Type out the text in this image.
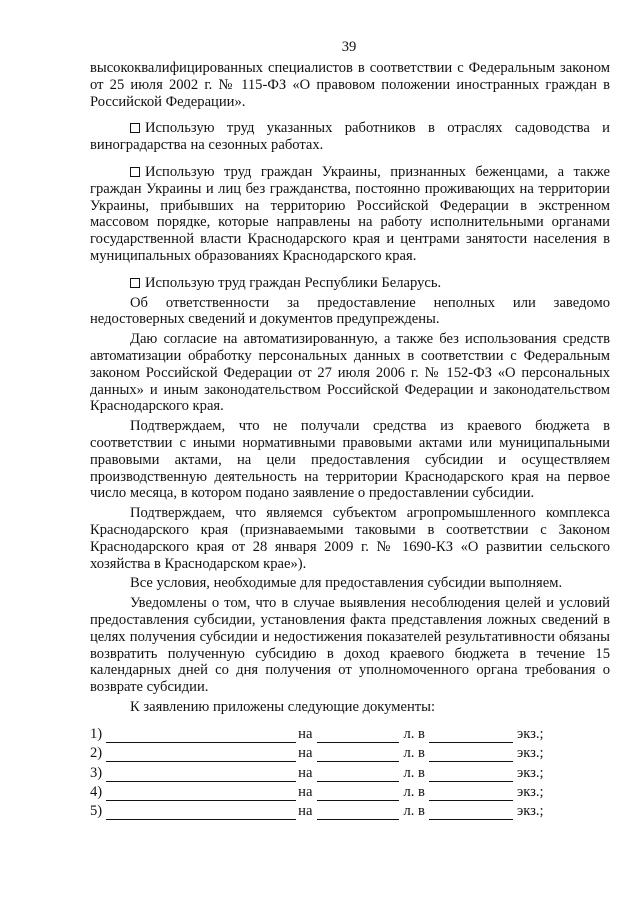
39

высококвалифицированных специалистов в соответствии с Федеральным законом от 25 июля 2002 г. № 115-ФЗ «О правовом положении иностранных граждан в Российской Федерации».

Использую труд указанных работников в отраслях садоводства и виноградарства на сезонных работах.

Использую труд граждан Украины, признанных беженцами, а также граждан Украины и лиц без гражданства, постоянно проживающих на территории Украины, прибывших на территорию Российской Федерации в экстренном массовом порядке, которые направлены на работу исполнительными органами государственной власти Краснодарского края и центрами занятости населения в муниципальных образованиях Краснодарского края.

Использую труд граждан Республики Беларусь.

Об ответственности за предоставление неполных или заведомо недостоверных сведений и документов предупреждены.

Даю согласие на автоматизированную, а также без использования средств автоматизации обработку персональных данных в соответствии с Федеральным законом Российской Федерации от 27 июля 2006 г. № 152-ФЗ «О персональных данных» и иным законодательством Российской Федерации и законодательством Краснодарского края.

Подтверждаем, что не получали средства из краевого бюджета в соответствии с иными нормативными правовыми актами или муниципальными правовыми актами, на цели предоставления субсидии и осуществляем производственную деятельность на территории Краснодарского края на первое число месяца, в котором подано заявление о предоставлении субсидии.

Подтверждаем, что являемся субъектом агропромышленного комплекса Краснодарского края (признаваемыми таковыми в соответствии с Законом Краснодарского края от 28 января 2009 г. № 1690-КЗ «О развитии сельского хозяйства в Краснодарском крае»).

Все условия, необходимые для предоставления субсидии выполняем.

Уведомлены о том, что в случае выявления несоблюдения целей и условий предоставления субсидии, установления факта представления ложных сведений в целях получения субсидии и недостижения показателей результативности обязаны возвратить полученную субсидию в доход краевого бюджета в течение 15 календарных дней со дня получения от уполномоченного органа требования о возврате субсидии.

К заявлению приложены следующие документы:

1)	на	л. в	экз.;
2)	на	л. в	экз.;
3)	на	л. в	экз.;
4)	на	л. в	экз.;
5)	на	л. в	экз.;
